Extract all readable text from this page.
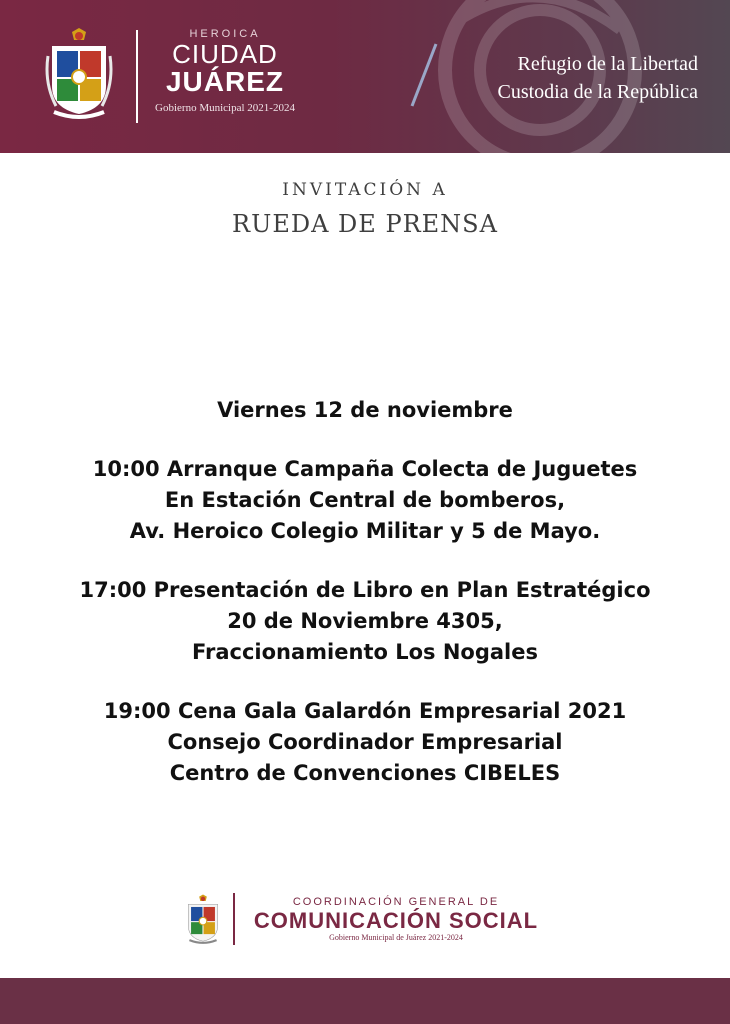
HEROICA
CIUDAD
JUÁREZ
Gobierno Municipal 2021-2024
Refugio de la Libertad
Custodia de la República
INVITACIÓN A
RUEDA DE PRENSA
Viernes 12 de noviembre
10:00 Arranque Campaña Colecta de Juguetes
En Estación Central de bomberos,
Av. Heroico Colegio Militar y 5 de Mayo.
17:00 Presentación de Libro en Plan Estratégico
20 de Noviembre 4305,
Fraccionamiento Los Nogales
19:00 Cena Gala Galardón Empresarial 2021
Consejo Coordinador Empresarial
Centro de Convenciones CIBELES
COORDINACIÓN GENERAL DE
COMUNICACIÓN SOCIAL
Gobierno Municipal de Juárez 2021-2024
